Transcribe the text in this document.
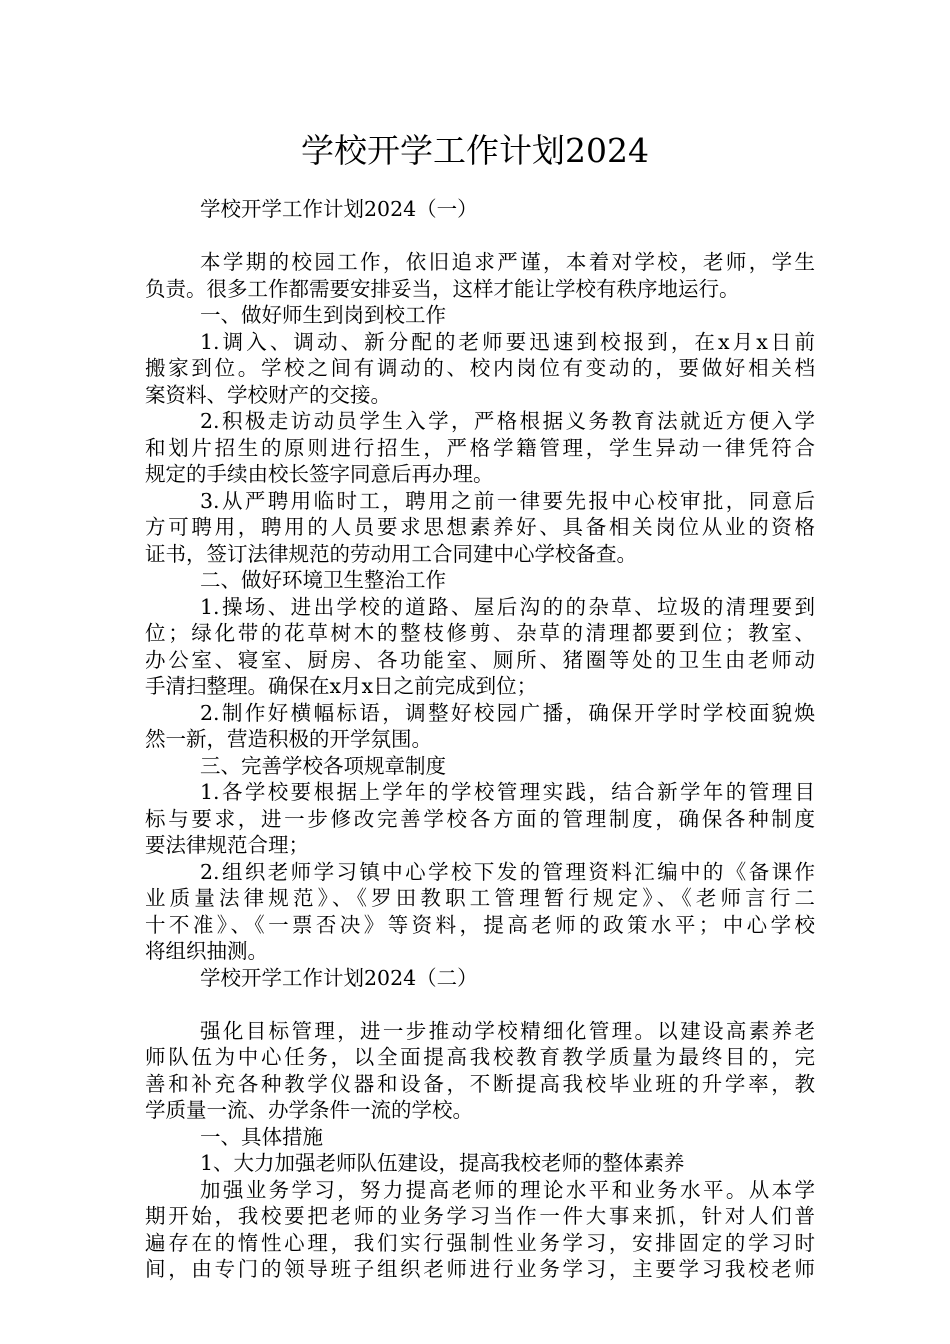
学校开学工作计划2024
学校开学工作计划2024（一）
本学期的校园工作，依旧追求严谨，本着对学校，老师，学生
负责。很多工作都需要安排妥当，这样才能让学校有秩序地运行。
一、做好师生到岗到校工作
1.调入、调动、新分配的老师要迅速到校报到，在x月x日前
搬家到位。学校之间有调动的、校内岗位有变动的，要做好相关档
案资料、学校财产的交接。
2.积极走访动员学生入学，严格根据义务教育法就近方便入学
和划片招生的原则进行招生，严格学籍管理，学生异动一律凭符合
规定的手续由校长签字同意后再办理。
3.从严聘用临时工，聘用之前一律要先报中心校审批，同意后
方可聘用，聘用的人员要求思想素养好、具备相关岗位从业的资格
证书，签订法律规范的劳动用工合同建中心学校备查。
二、做好环境卫生整治工作
1.操场、进出学校的道路、屋后沟的的杂草、垃圾的清理要到
位；绿化带的花草树木的整枝修剪、杂草的清理都要到位；教室、
办公室、寝室、厨房、各功能室、厕所、猪圈等处的卫生由老师动
手清扫整理。确保在x月x日之前完成到位；
2.制作好横幅标语，调整好校园广播，确保开学时学校面貌焕
然一新，营造积极的开学氛围。
三、完善学校各项规章制度
1.各学校要根据上学年的学校管理实践，结合新学年的管理目
标与要求，进一步修改完善学校各方面的管理制度，确保各种制度
要法律规范合理；
2.组织老师学习镇中心学校下发的管理资料汇编中的《备课作
业质量法律规范》、《罗田教职工管理暂行规定》、《老师言行二
十不准》、《一票否决》等资料，提高老师的政策水平；中心学校
将组织抽测。
学校开学工作计划2024（二）
强化目标管理，进一步推动学校精细化管理。以建设高素养老
师队伍为中心任务，以全面提高我校教育教学质量为最终目的，完
善和补充各种教学仪器和设备，不断提高我校毕业班的升学率，教
学质量一流、办学条件一流的学校。
一、具体措施
1、大力加强老师队伍建设，提高我校老师的整体素养
加强业务学习，努力提高老师的理论水平和业务水平。从本学
期开始，我校要把老师的业务学习当作一件大事来抓，针对人们普
遍存在的惰性心理，我们实行强制性业务学习，安排固定的学习时
间，由专门的领导班子组织老师进行业务学习，主要学习我校老师
